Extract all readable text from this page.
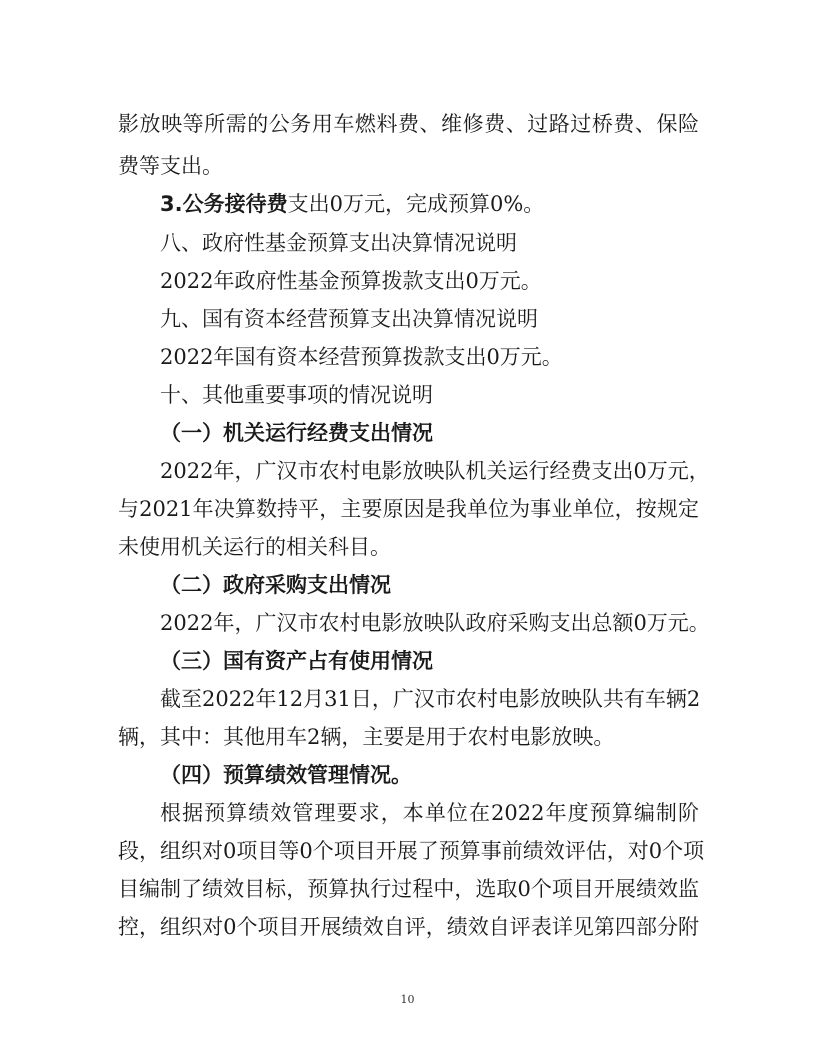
影放映等所需的公务用车燃料费、维修费、过路过桥费、保险

费等支出。

3.公务接待费支出0万元，完成预算0%。

八、政府性基金预算支出决算情况说明

2022年政府性基金预算拨款支出0万元。

九、国有资本经营预算支出决算情况说明

2022年国有资本经营预算拨款支出0万元。

十、其他重要事项的情况说明

（一）机关运行经费支出情况

2022年，广汉市农村电影放映队机关运行经费支出0万元，

与2021年决算数持平，主要原因是我单位为事业单位，按规定

未使用机关运行的相关科目。

（二）政府采购支出情况

2022年，广汉市农村电影放映队政府采购支出总额0万元。

（三）国有资产占有使用情况

截至2022年12月31日，广汉市农村电影放映队共有车辆2

辆，其中：其他用车2辆，主要是用于农村电影放映。

（四）预算绩效管理情况。

根据预算绩效管理要求，本单位在2022年度预算编制阶

段，组织对0项目等0个项目开展了预算事前绩效评估，对0个项

目编制了绩效目标，预算执行过程中，选取0个项目开展绩效监

控，组织对0个项目开展绩效自评，绩效自评表详见第四部分附

10
